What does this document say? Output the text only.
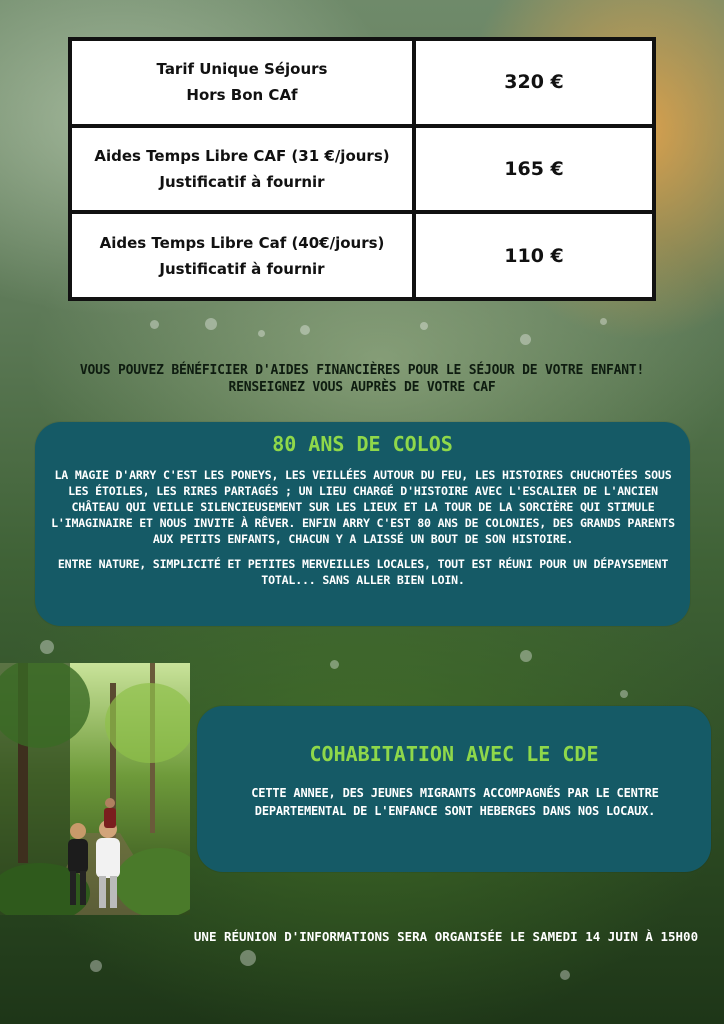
Tarif Unique Séjours
Hors Bon CAf	320 €
Aides Temps Libre CAF (31 €/jours)
Justificatif à fournir	165 €
Aides Temps Libre Caf (40€/jours)
Justificatif à fournir	110 €
VOUS POUVEZ BÉNÉFICIER D'AIDES FINANCIÈRES POUR LE SÉJOUR DE VOTRE ENFANT!
RENSEIGNEZ VOUS AUPRÈS DE VOTRE CAF
80 ANS DE COLOS

LA MAGIE D'ARRY C'EST LES PONEYS, LES VEILLÉES AUTOUR DU FEU, LES HISTOIRES CHUCHOTÉES SOUS LES ÉTOILES, LES RIRES PARTAGÉS ; UN LIEU CHARGÉ D'HISTOIRE AVEC L'ESCALIER DE L'ANCIEN CHÂTEAU QUI VEILLE SILENCIEUSEMENT SUR LES LIEUX ET LA TOUR DE LA SORCIÈRE QUI STIMULE L'IMAGINAIRE ET NOUS INVITE À RÊVER. ENFIN ARRY C'EST 80 ANS DE COLONIES, DES GRANDS PARENTS AUX PETITS ENFANTS, CHACUN Y A LAISSÉ UN BOUT DE SON HISTOIRE.

ENTRE NATURE, SIMPLICITÉ ET PETITES MERVEILLES LOCALES, TOUT EST RÉUNI POUR UN DÉPAYSEMENT TOTAL... SANS ALLER BIEN LOIN.

COHABITATION AVEC LE CDE
CETTE ANNEE, DES JEUNES MIGRANTS ACCOMPAGNÉS PAR LE CENTRE DEPARTEMENTAL DE L'ENFANCE SONT HEBERGES DANS NOS LOCAUX.
UNE RÉUNION D'INFORMATIONS SERA ORGANISÉE LE SAMEDI 14 JUIN À 15H00
